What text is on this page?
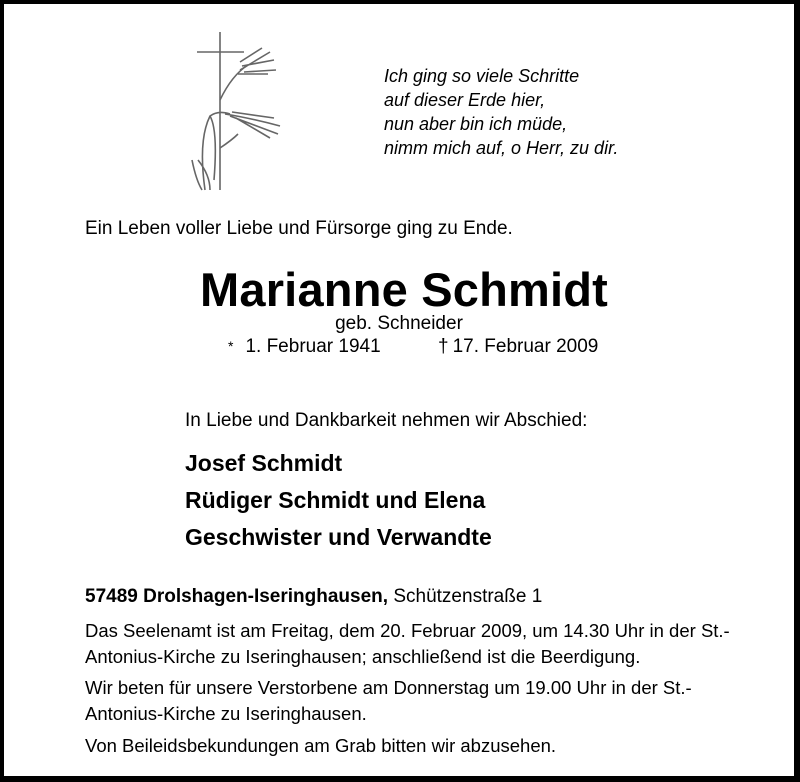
Ich ging so viele Schritte
auf dieser Erde hier,
nun aber bin ich müde,
nimm mich auf, o Herr, zu dir.
Ein Leben voller Liebe und Fürsorge ging zu Ende.
Marianne Schmidt
geb. Schneider
* 1. Februar 1941	† 17. Februar 2009
In Liebe und Dankbarkeit nehmen wir Abschied:
Josef Schmidt
Rüdiger Schmidt und Elena
Geschwister und Verwandte
57489 Drolshagen-Iseringhausen, Schützenstraße 1
Das Seelenamt ist am Freitag, dem 20. Februar 2009, um 14.30 Uhr in der St.-Antonius-Kirche zu Iseringhausen; anschließend ist die Beerdigung.
Wir beten für unsere Verstorbene am Donnerstag um 19.00 Uhr in der St.-Antonius-Kirche zu Iseringhausen.
Von Beileidsbekundungen am Grab bitten wir abzusehen.
